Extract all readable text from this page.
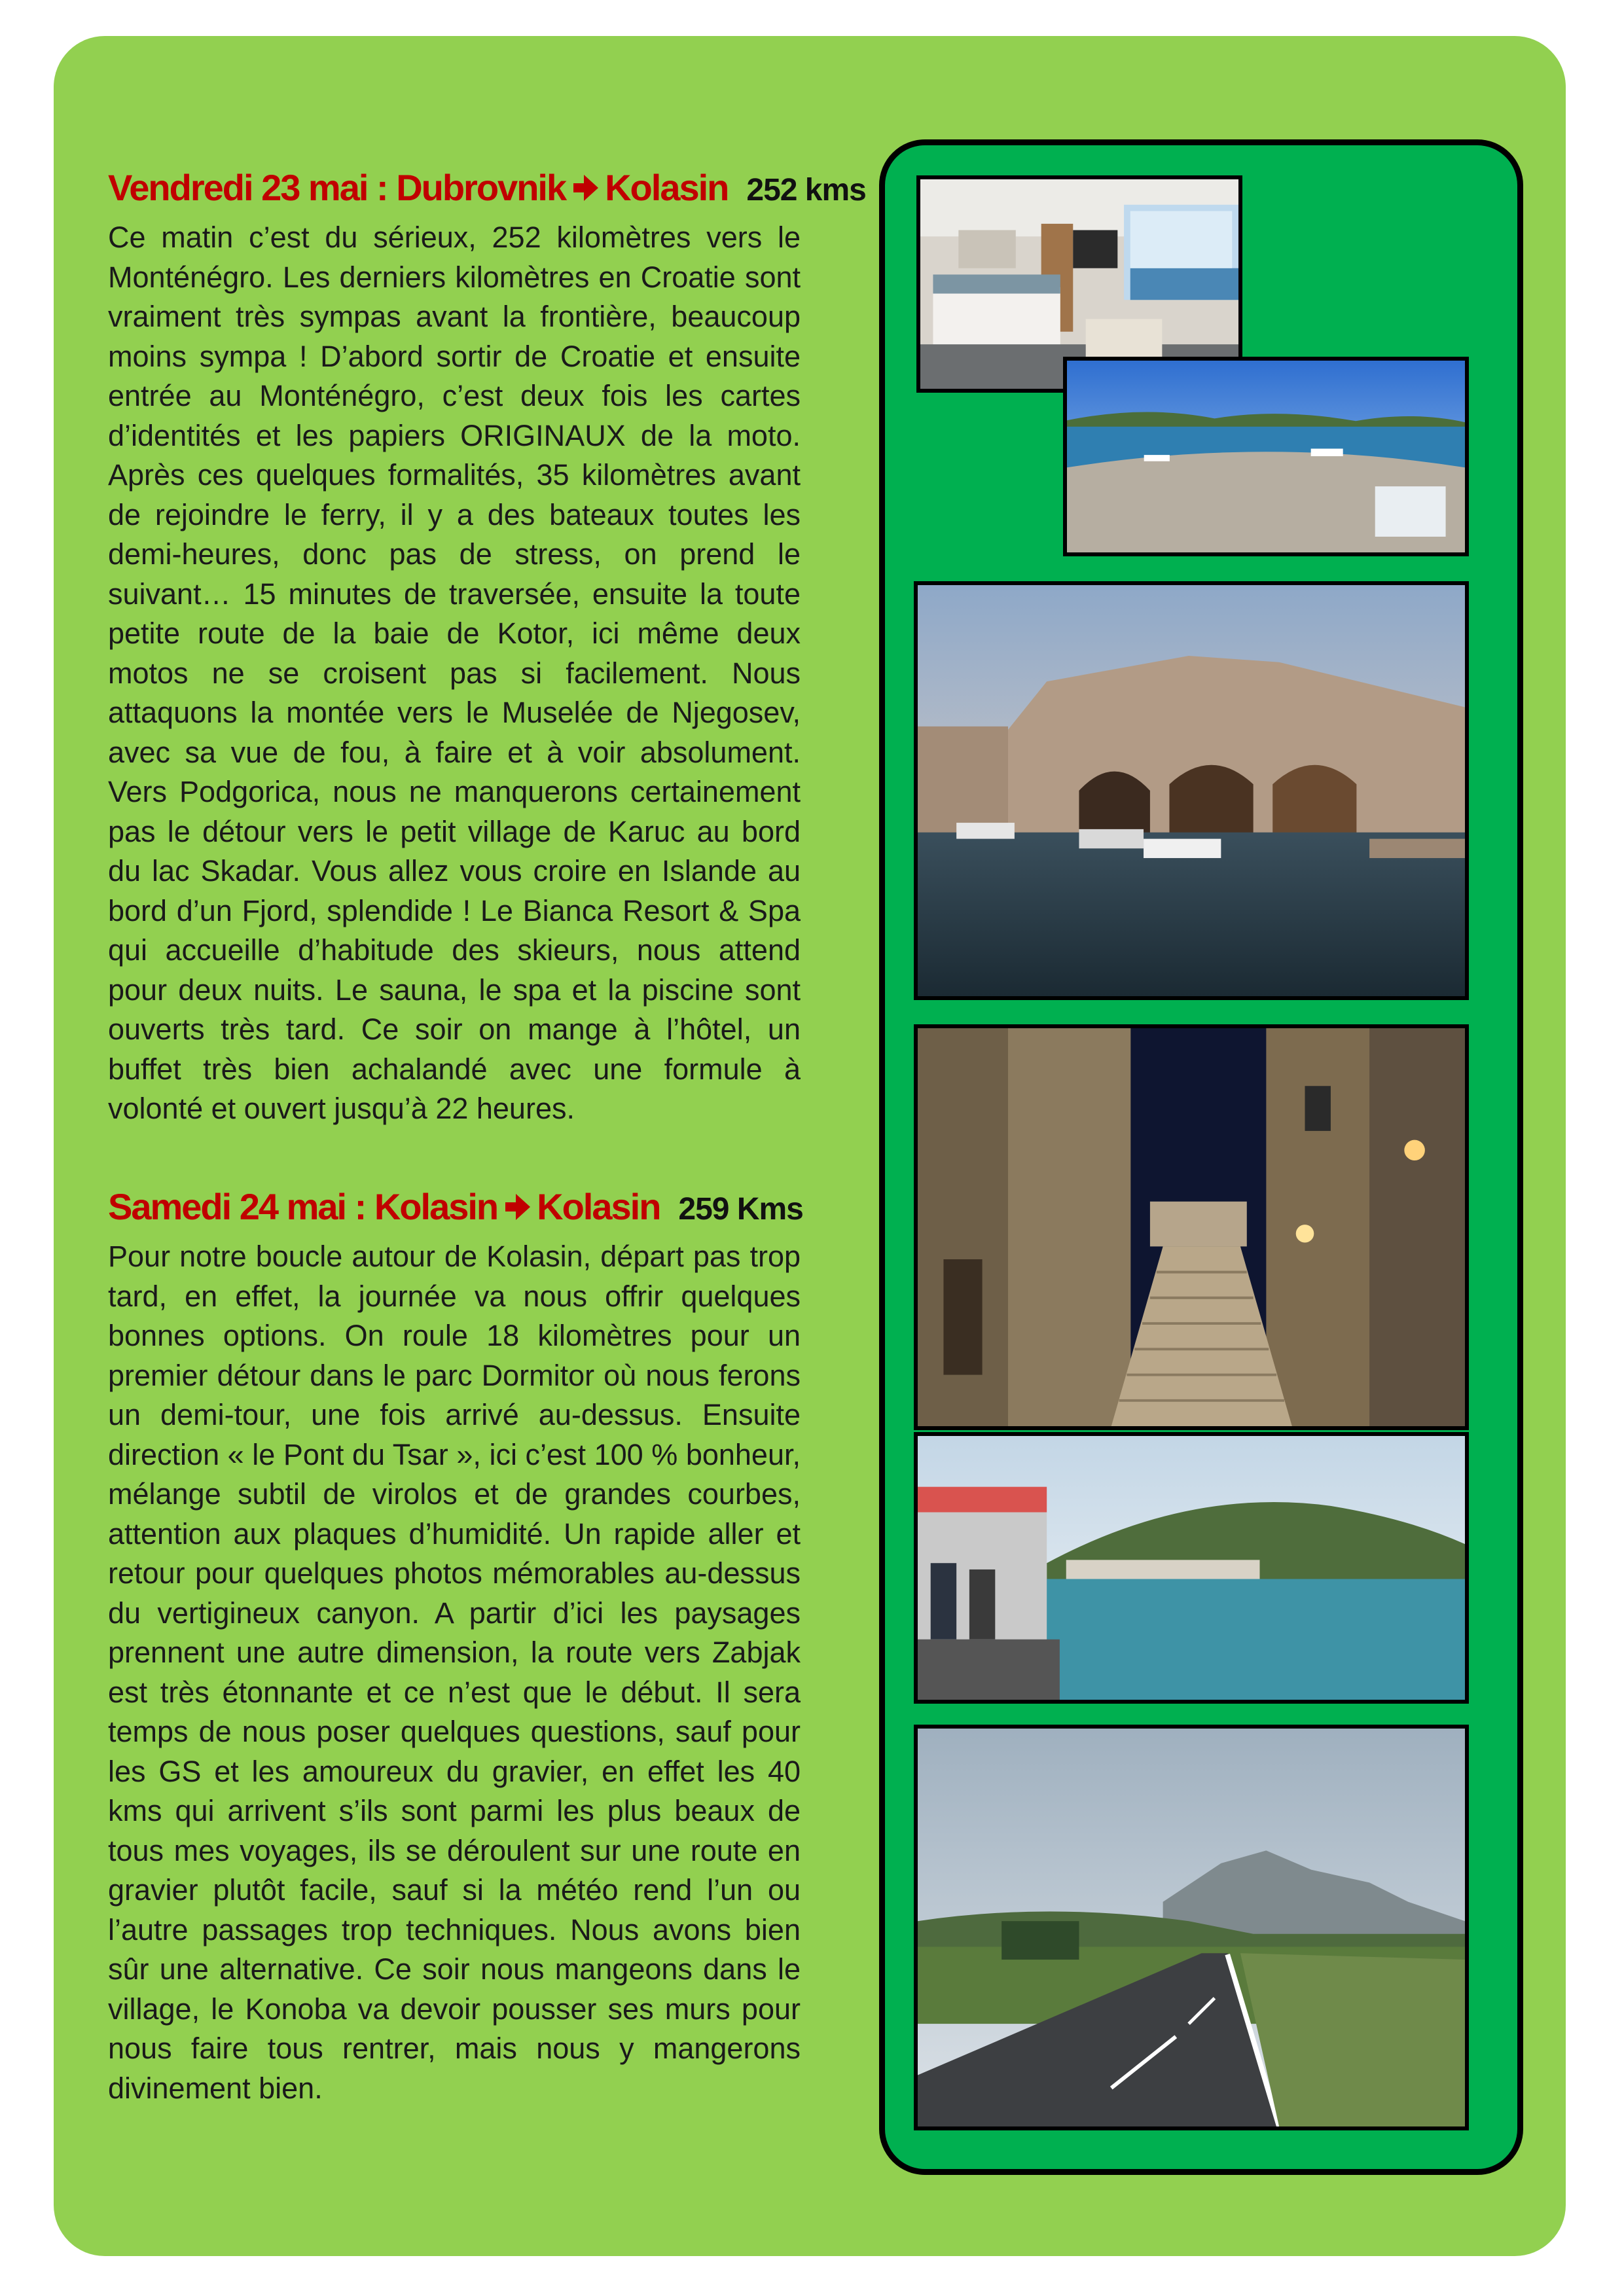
Vendredi 23 mai : Dubrovnik Kolasin 252 kms

Ce matin c’est du sérieux, 252 kilomètres vers le Monténégro. Les derniers kilomètres en Croatie sont vraiment très sympas avant la frontière, beaucoup moins sympa ! D’abord sortir de Croatie et ensuite entrée au Monténégro, c’est deux fois les cartes d’identités et les papiers ORIGINAUX de la moto. Après ces quelques formalités, 35 kilomètres avant de rejoindre le ferry, il y a des bateaux toutes les demi-heures, donc pas de stress, on prend le suivant… 15 minutes de traversée, ensuite la toute petite route de la baie de Kotor, ici même deux motos ne se croisent pas si facilement. Nous attaquons la montée vers le Muselée de Njegosev, avec sa vue de fou, à faire et à voir absolument. Vers Podgorica, nous ne manquerons certainement pas le détour vers le petit village de Karuc au bord du lac Skadar. Vous allez vous croire en Islande au bord d’un Fjord, splendide ! Le Bianca Resort & Spa qui accueille d’habitude des skieurs, nous attend pour deux nuits. Le sauna, le spa et la piscine sont ouverts très tard. Ce soir on mange à l’hôtel, un buffet très bien achalandé avec une formule à volonté et ouvert jusqu’à 22 heures.

Samedi 24 mai : Kolasin Kolasin 259 Kms

Pour notre boucle autour de Kolasin, départ pas trop tard, en effet, la journée va nous offrir quelques bonnes options. On roule 18 kilomètres pour un premier détour dans le parc Dormitor où nous ferons un demi-tour, une fois arrivé au-dessus. Ensuite direction « le Pont du Tsar », ici c’est 100 % bonheur, mélange subtil de virolos et de grandes courbes, attention aux plaques d’humidité. Un rapide aller et retour pour quelques photos mémorables au-dessus du vertigineux canyon. A partir d’ici les paysages prennent une autre dimension, la route vers Zabjak est très étonnante et ce n’est que le début. Il sera temps de nous poser quelques questions, sauf pour les GS et les amoureux du gravier, en effet les 40 kms qui arrivent s’ils sont parmi les plus beaux de tous mes voyages, ils se déroulent sur une route en gravier plutôt facile, sauf si la météo rend l’un ou l’autre passages trop techniques. Nous avons bien sûr une alternative. Ce soir nous mangeons dans le village, le Konoba va devoir pousser ses murs pour nous faire tous rentrer, mais nous y mangerons divinement bien.
